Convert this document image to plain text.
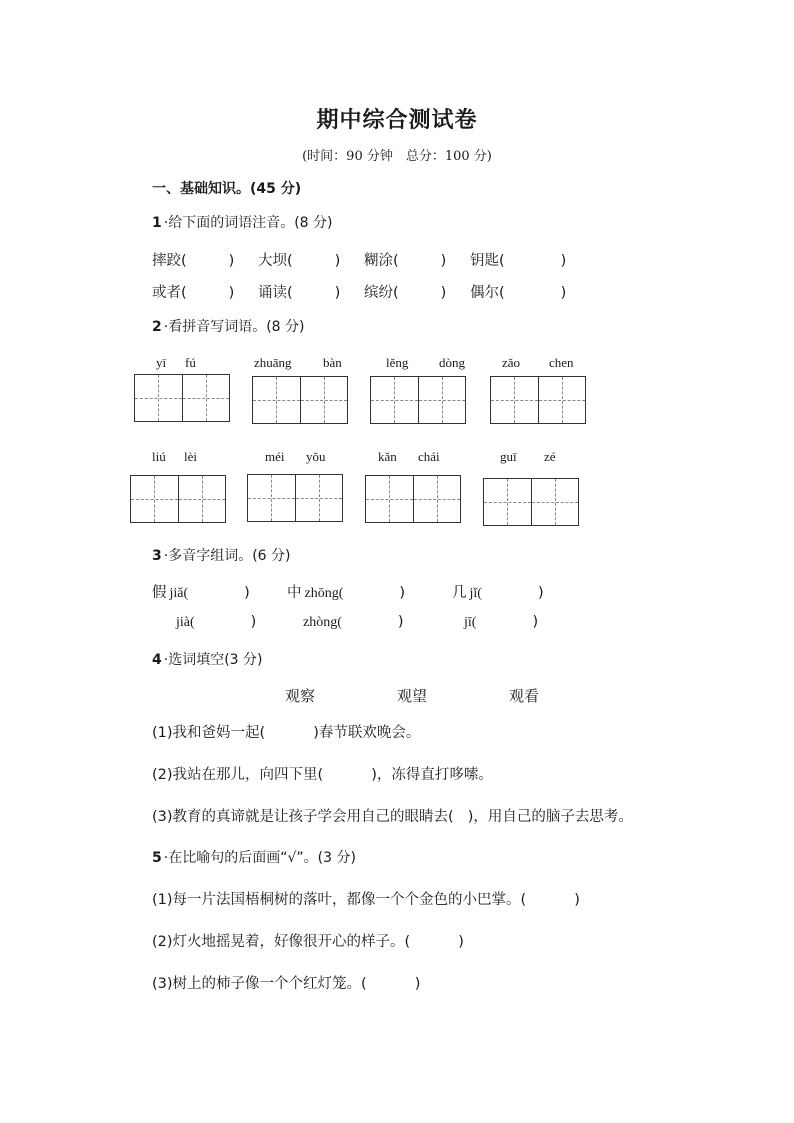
期中综合测试卷
(时间：90 分钟　总分：100 分)
一、基础知识。(45 分)
1 ·给下面的词语注音。(8 分)
摔跤(	) 大坝(	) 糊涂(	) 钥匙(	)
或者(	) 诵读(	) 缤纷(	) 偶尔(	)
2 ·看拼音写词语。(8 分)
yī fú	zhuāng bàn	lěng dòng	zǎo chen
liú lèi	méi yǒu	kǎn chái	guī zé
3 ·多音字组词。(6 分)
假 jiǎ(	)	中 zhōng(	)	几 jǐ(	)
jià(	)	zhòng(	)	jī(	)
4 ·选词填空(3 分)
观察	观望	观看
(1)我和爸妈一起(	)春节联欢晚会。
(2)我站在那儿，向四下里(	)，冻得直打哆嗦。
(3)教育的真谛就是让孩子学会用自己的眼睛去( )，用自己的脑子去思考。
5 ·在比喻句的后面画“√”。(3 分)
(1)每一片法国梧桐树的落叶，都像一个个金色的小巴掌。(	)
(2)灯火地摇晃着，好像很开心的样子。(	)
(3)树上的柿子像一个个红灯笼。(	)
